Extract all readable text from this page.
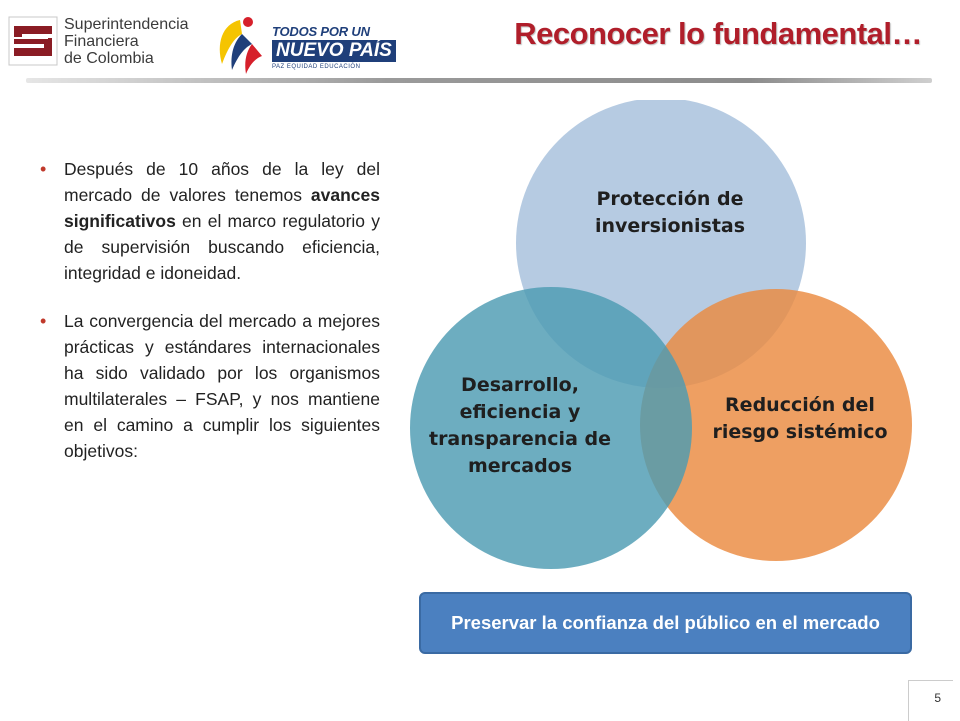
Superintendencia
Financiera
de Colombia
TODOS POR UN
NUEVO PAÍS
PAZ EQUIDAD EDUCACIÓN
Reconocer lo fundamental…
• Después de 10 años de la ley del mercado de valores tenemos avances significativos en el marco regulatorio y de supervisión buscando eficiencia, integridad e idoneidad.
• La convergencia del mercado a mejores prácticas y estándares internacionales ha sido validado por los organismos multilaterales – FSAP, y nos mantiene en el camino a cumplir los siguientes objetivos:

Protección de inversionistas

Reducción del riesgo sistémico

Desarrollo, eficiencia y transparencia de mercados

Preservar la confianza del público en el mercado
5
